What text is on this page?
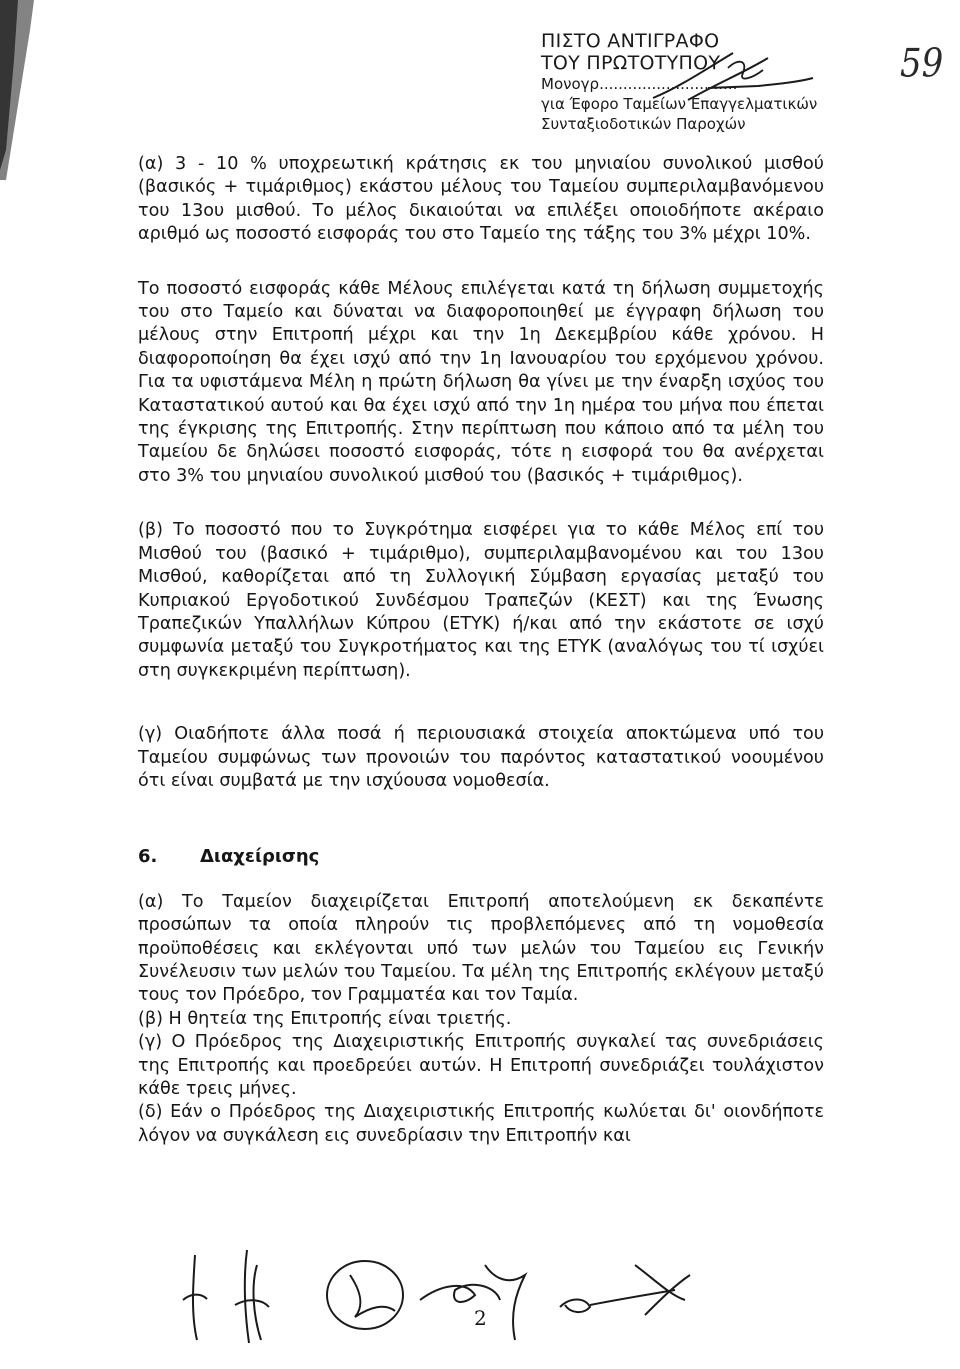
59
ΠΙΣΤΟ ΑΝΤΙΓΡΑΦΟ
ΤΟΥ ΠΡΩΤΟΤΥΠΟΥ
Μονογρ.............................
για Έφορο Ταμείων Επαγγελματικών
Συνταξιοδοτικών Παροχών

(α) 3 - 10 % υποχρεωτική κράτησις εκ του μηνιαίου συνολικού μισθού (βασικός + τιμάριθμος) εκάστου μέλους του Ταμείου συμπεριλαμβανόμενου του 13ου μισθού. Το μέλος δικαιούται να επιλέξει οποιοδήποτε ακέραιο αριθμό ως ποσοστό εισφοράς του στο Ταμείο της τάξης του 3% μέχρι 10%.

Το ποσοστό εισφοράς κάθε Μέλους επιλέγεται κατά τη δήλωση συμμετοχής του στο Ταμείο και δύναται να διαφοροποιηθεί με έγγραφη δήλωση του μέλους στην Επιτροπή μέχρι και την 1η Δεκεμβρίου κάθε χρόνου. Η διαφοροποίηση θα έχει ισχύ από την 1η Ιανουαρίου του ερχόμενου χρόνου. Για τα υφιστάμενα Μέλη η πρώτη δήλωση θα γίνει με την έναρξη ισχύος του Καταστατικού αυτού και θα έχει ισχύ από την 1η ημέρα του μήνα που έπεται της έγκρισης της Επιτροπής. Στην περίπτωση που κάποιο από τα μέλη του Ταμείου δε δηλώσει ποσοστό εισφοράς, τότε η εισφορά του θα ανέρχεται στο 3% του μηνιαίου συνολικού μισθού του (βασικός + τιμάριθμος).

(β) Το ποσοστό που το Συγκρότημα εισφέρει για το κάθε Μέλος επί του Μισθού του (βασικό + τιμάριθμο), συμπεριλαμβανομένου και του 13ου Μισθού, καθορίζεται από τη Συλλογική Σύμβαση εργασίας μεταξύ του Κυπριακού Εργοδοτικού Συνδέσμου Τραπεζών (ΚΕΣΤ) και της Ένωσης Τραπεζικών Υπαλλήλων Κύπρου (ΕΤΥΚ) ή/και από την εκάστοτε σε ισχύ συμφωνία μεταξύ του Συγκροτήματος και της ΕΤΥΚ (αναλόγως του τί ισχύει στη συγκεκριμένη περίπτωση).

(γ) Οιαδήποτε άλλα ποσά ή περιουσιακά στοιχεία αποκτώμενα υπό του Ταμείου συμφώνως των προνοιών του παρόντος καταστατικού νοουμένου ότι είναι συμβατά με την ισχύουσα νομοθεσία.

6.	Διαχείρισης

(α) Το Ταμείον διαχειρίζεται Επιτροπή αποτελούμενη εκ δεκαπέντε προσώπων τα οποία πληρούν τις προβλεπόμενες από τη νομοθεσία προϋποθέσεις και εκλέγονται υπό των μελών του Ταμείου εις Γενικήν Συνέλευσιν των μελών του Ταμείου. Τα μέλη της Επιτροπής εκλέγουν μεταξύ τους τον Πρόεδρο, τον Γραμματέα και τον Ταμία.

(β) Η θητεία της Επιτροπής είναι τριετής.

(γ) Ο Πρόεδρος της Διαχειριστικής Επιτροπής συγκαλεί τας συνεδριάσεις της Επιτροπής και προεδρεύει αυτών. Η Επιτροπή συνεδριάζει τουλάχιστον κάθε τρεις μήνες.

(δ) Εάν ο Πρόεδρος της Διαχειριστικής Επιτροπής κωλύεται δι' οιονδήποτε λόγον να συγκάλεση εις συνεδρίασιν την Επιτροπήν και

2
